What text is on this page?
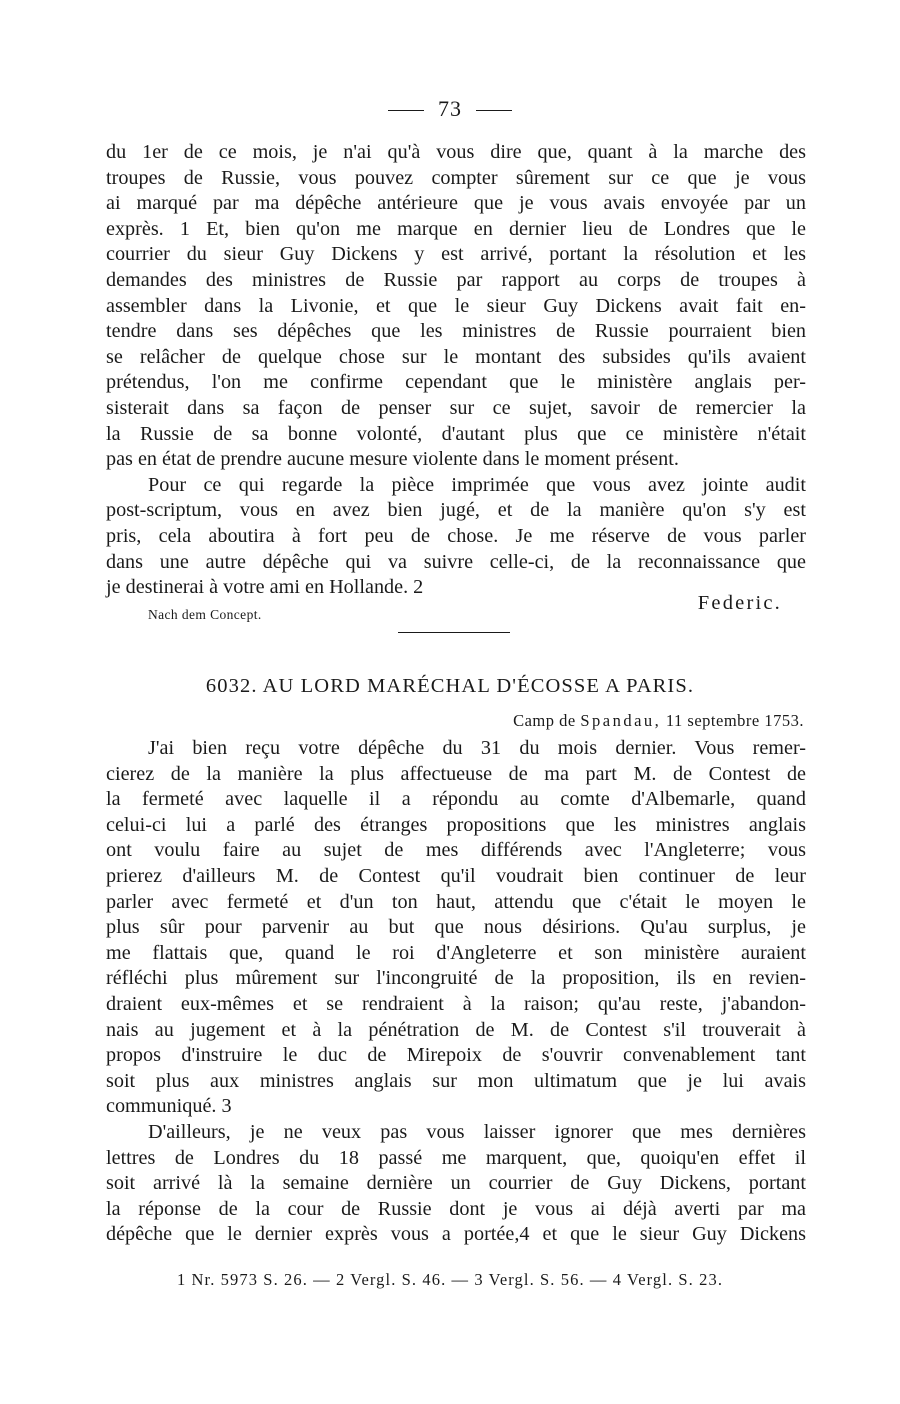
73
du 1er de ce mois, je n'ai qu'à vous dire que, quant à la marche des
troupes de Russie, vous pouvez compter sûrement sur ce que je vous
ai marqué par ma dépêche antérieure que je vous avais envoyée par un
exprès. 1 Et, bien qu'on me marque en dernier lieu de Londres que le
courrier du sieur Guy Dickens y est arrivé, portant la résolution et les
demandes des ministres de Russie par rapport au corps de troupes à
assembler dans la Livonie, et que le sieur Guy Dickens avait fait en-
tendre dans ses dépêches que les ministres de Russie pourraient bien
se relâcher de quelque chose sur le montant des subsides qu'ils avaient
prétendus, l'on me confirme cependant que le ministère anglais per-
sisterait dans sa façon de penser sur ce sujet, savoir de remercier la
la Russie de sa bonne volonté, d'autant plus que ce ministère n'était
pas en état de prendre aucune mesure violente dans le moment présent.
Pour ce qui regarde la pièce imprimée que vous avez jointe audit
post-scriptum, vous en avez bien jugé, et de la manière qu'on s'y est
pris, cela aboutira à fort peu de chose. Je me réserve de vous parler
dans une autre dépêche qui va suivre celle-ci, de la reconnaissance que
je destinerai à votre ami en Hollande. 2
Federic.
Nach dem Concept.
6032. AU LORD MARÉCHAL D'ÉCOSSE A PARIS.
Camp de Spandau, 11 septembre 1753.
J'ai bien reçu votre dépêche du 31 du mois dernier. Vous remer-
cierez de la manière la plus affectueuse de ma part M. de Contest de
la fermeté avec laquelle il a répondu au comte d'Albemarle, quand
celui-ci lui a parlé des étranges propositions que les ministres anglais
ont voulu faire au sujet de mes différends avec l'Angleterre; vous
prierez d'ailleurs M. de Contest qu'il voudrait bien continuer de leur
parler avec fermeté et d'un ton haut, attendu que c'était le moyen le
plus sûr pour parvenir au but que nous désirions. Qu'au surplus, je
me flattais que, quand le roi d'Angleterre et son ministère auraient
réfléchi plus mûrement sur l'incongruité de la proposition, ils en revien-
draient eux-mêmes et se rendraient à la raison; qu'au reste, j'abandon-
nais au jugement et à la pénétration de M. de Contest s'il trouverait à
propos d'instruire le duc de Mirepoix de s'ouvrir convenablement tant
soit plus aux ministres anglais sur mon ultimatum que je lui avais
communiqué. 3
D'ailleurs, je ne veux pas vous laisser ignorer que mes dernières
lettres de Londres du 18 passé me marquent, que, quoiqu'en effet il
soit arrivé là la semaine dernière un courrier de Guy Dickens, portant
la réponse de la cour de Russie dont je vous ai déjà averti par ma
dépêche que le dernier exprès vous a portée,4 et que le sieur Guy Dickens
1 Nr. 5973 S. 26. — 2 Vergl. S. 46. — 3 Vergl. S. 56. — 4 Vergl. S. 23.
